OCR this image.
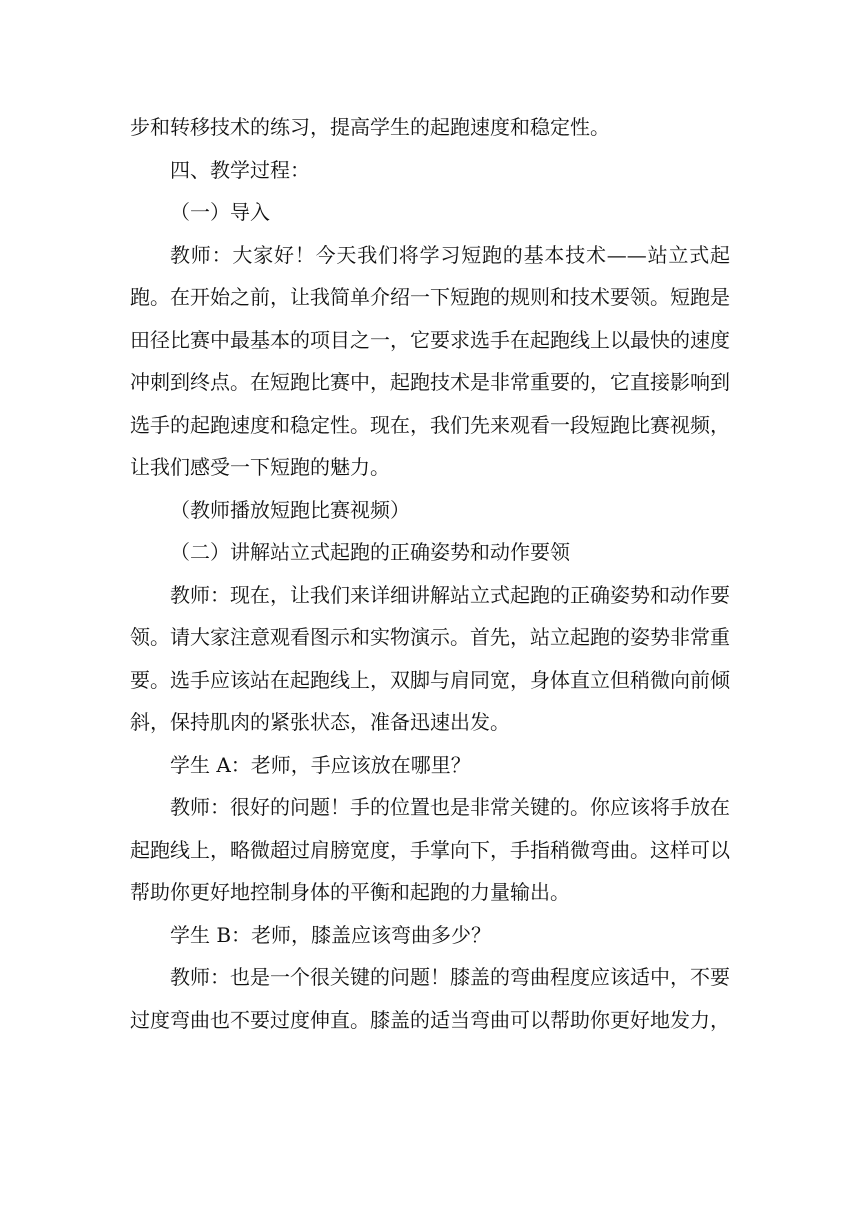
步和转移技术的练习，提高学生的起跑速度和稳定性。

四、教学过程：

（一）导入

教师：大家好！今天我们将学习短跑的基本技术——站立式起跑。在开始之前，让我简单介绍一下短跑的规则和技术要领。短跑是田径比赛中最基本的项目之一，它要求选手在起跑线上以最快的速度冲刺到终点。在短跑比赛中，起跑技术是非常重要的，它直接影响到选手的起跑速度和稳定性。现在，我们先来观看一段短跑比赛视频，让我们感受一下短跑的魅力。

（教师播放短跑比赛视频）

（二）讲解站立式起跑的正确姿势和动作要领

教师：现在，让我们来详细讲解站立式起跑的正确姿势和动作要领。请大家注意观看图示和实物演示。首先，站立起跑的姿势非常重要。选手应该站在起跑线上，双脚与肩同宽，身体直立但稍微向前倾斜，保持肌肉的紧张状态，准备迅速出发。

学生 A：老师，手应该放在哪里？

教师：很好的问题！手的位置也是非常关键的。你应该将手放在起跑线上，略微超过肩膀宽度，手掌向下，手指稍微弯曲。这样可以帮助你更好地控制身体的平衡和起跑的力量输出。

学生 B：老师，膝盖应该弯曲多少？

教师：也是一个很关键的问题！膝盖的弯曲程度应该适中，不要过度弯曲也不要过度伸直。膝盖的适当弯曲可以帮助你更好地发力，
